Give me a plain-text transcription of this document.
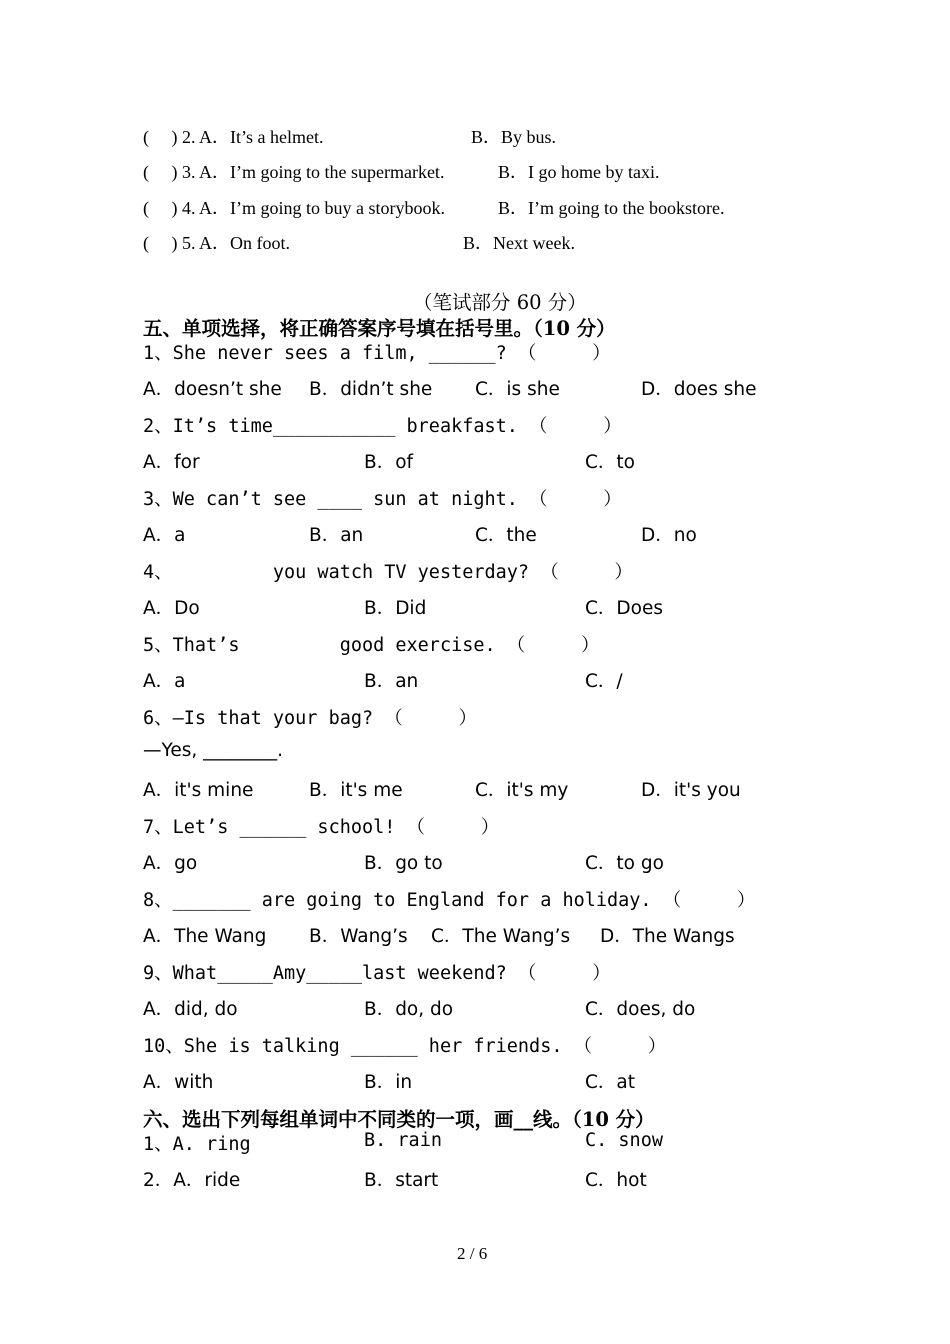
(     ) 2. A．It’s a helmet.	B．By bus.
(     ) 3. A．I’m going to the supermarket.	B．I go home by taxi.
(     ) 4. A．I’m going to buy a storybook.	B．I’m going to the bookstore.
(     ) 5. A．On foot.	B．Next week.
（笔试部分 60 分）
五、单项选择，将正确答案序号填在括号里。（10 分）
1、She never sees a film, ______? （     ）
A．doesn’t she B．didn’t she C．is she	D．does she
2、It’s time___________ breakfast. （     ）
A．for	B．of	C．to
3、We can’t see ____ sun at night. （     ）
A．a	B．an	C．the	D．no
4、         you watch TV yesterday? （     ）
A．Do	B．Did	C．Does
5、That’s         good exercise. （     ）
A．a	B．an	C．/
6、—Is that your bag? （     ）
—Yes, ________.
A．it's mine	B．it's me	C．it's my	D．it's you
7、Let’s ______ school! （     ）
A．go	B．go to	C．to go
8、_______ are going to England for a holiday. （     ）
A．The Wang B．Wang’s C．The Wang’s D．The Wangs
9、What_____Amy_____last weekend? （     ）
A．did, do	B．do, do	C．does, do
10、She is talking ______ her friends. （     ）
A．with	B．in	C．at
六、选出下列每组单词中不同类的一项，画__线。（10 分）
1、A. ring	B. rain	C. snow
2．A．ride	B．start	C．hot
2 / 6
